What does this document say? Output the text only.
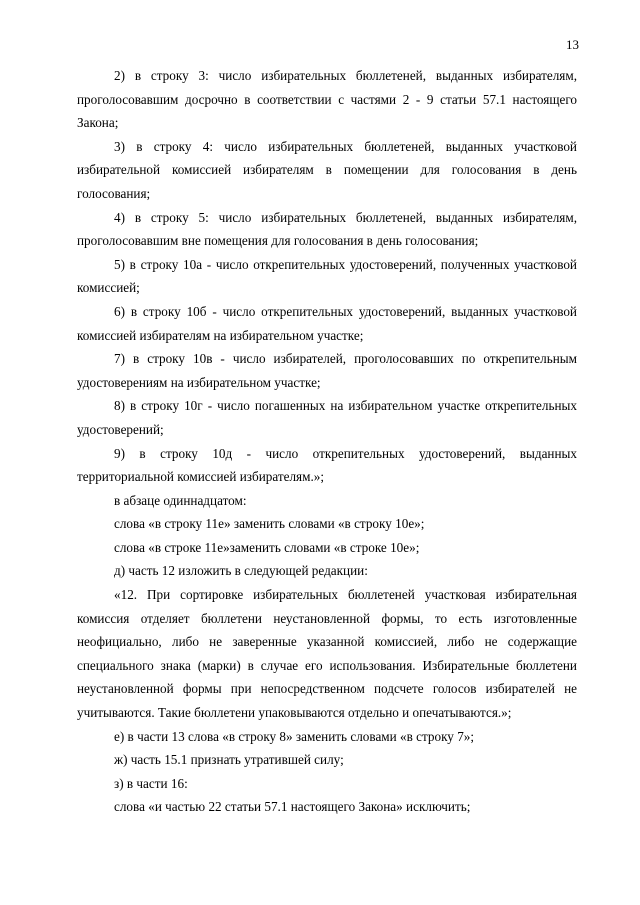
13

2) в строку 3: число избирательных бюллетеней, выданных избирателям, проголосовавшим досрочно в соответствии с частями 2 - 9 статьи 57.1 настоящего Закона;

3) в строку 4: число избирательных бюллетеней, выданных участковой избирательной комиссией избирателям в помещении для голосования в день голосования;

4) в строку 5: число избирательных бюллетеней, выданных избирателям, проголосовавшим вне помещения для голосования в день голосования;

5) в строку 10а - число открепительных удостоверений, полученных участковой комиссией;

6) в строку 10б - число открепительных удостоверений, выданных участковой комиссией избирателям на избирательном участке;

7) в строку 10в - число избирателей, проголосовавших по открепительным удостоверениям на избирательном участке;

8) в строку 10г - число погашенных на избирательном участке открепительных удостоверений;

9) в строку 10д - число открепительных удостоверений, выданных территориальной комиссией избирателям.»;

в абзаце одиннадцатом:

слова «в строку 11е» заменить словами «в строку 10е»;

слова «в строке 11е»заменить словами «в строке 10е»;

д) часть 12 изложить в следующей редакции:

«12. При сортировке избирательных бюллетеней участковая избирательная комиссия отделяет бюллетени неустановленной формы, то есть изготовленные неофициально, либо не заверенные указанной комиссией, либо не содержащие специального знака (марки) в случае его использования. Избирательные бюллетени неустановленной формы при непосредственном подсчете голосов избирателей не учитываются. Такие бюллетени упаковываются отдельно и опечатываются.»;

е) в части 13 слова «в строку 8» заменить словами «в строку 7»;

ж) часть 15.1 признать утратившей силу;

з) в части 16:

слова «и частью 22 статьи 57.1 настоящего Закона» исключить;
